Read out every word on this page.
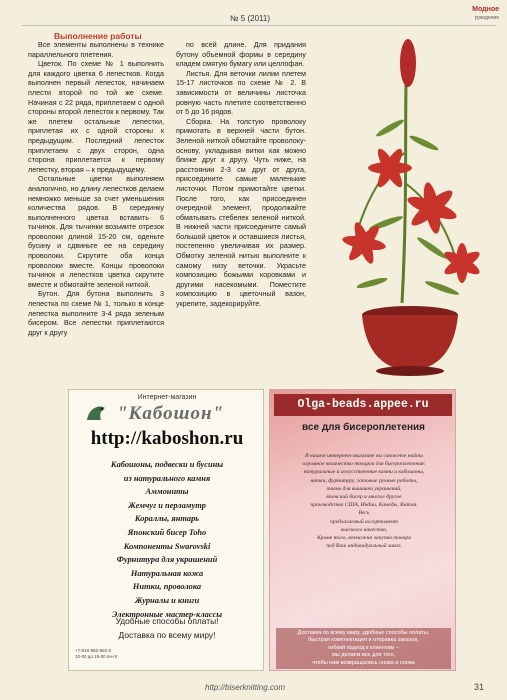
№ 5 (2011)
Модное
рукоделие
Выполнение работы

Все элементы выполнены в технике параллельного плетения.

Цветок. По схеме № 1 выполнить для каждого цветка 6 лепестков. Когда выполнен первый лепесток, начинаем плести второй по той же схеме. Начиная с 22 ряда, приплетаем с одной стороны второй лепесток к первому. Так же плетем остальные лепестки, приплетая их с одной стороны к предыдущим. Последний лепесток приплетаем с двух сторон, одна сторона приплетается к первому лепестку, вторая – к предыдущему.

Остальные цветки выполняем аналогично, но длину лепестков делаем немножко меньше за счет уменьшения количества рядов. В серединку выполненного цветка вставить 6 тычинок. Для тычинки возьмите отрезок проволоки длиной 15-20 см, оденьте бусину и сдвиньте ее на середину проволоки. Скрутите оба конца проволоки вместе. Концы проволоки тычинок и лепестков цветка скрутите вместе и обмотайте зеленой ниткой.

Бутон. Для бутона выполнить 3 лепестка по схеме № 1, только в конце лепестка выполните 3-4 ряда зеленым бисером. Все лепестки приплетаются друг к другу

по всей длине. Для придания бутону объемной формы в середину кладем смятую бумагу или целлофан.

Листья. Для веточки лилии плетем 15-17 листочков по схеме № 2. В зависимости от величины листочка ровную часть плетите соответственно от 5 до 16 рядов.

Сборка. На толстую проволоку примотать в верхней части бутон. Зеленой ниткой обмотайте проволоку-основу, укладывая витки как можно ближе друг к другу. Чуть ниже, на расстоянии 2-3 см друг от друга, присоедините самые маленькие листочки. Потом примотайте цветки. После того, как присоединен очередной элемент, продолжайте обматывать стебелек зеленой ниткой. В нижней части присоедините самый большой цветок и оставшиеся листья, постепенно увеличивая их размер. Обмотку зеленой нитью выполните к самому низу веточки. Украсьте композицию божьими коровками и другими насекомыми. Поместите композицию в цветочный вазон, укрепите, задекорируйте.

Интернет-магазин
"Кабошон"
http://kaboshon.ru
Кабошоны, подвески и бусины
из натурального камня
Аммониты
Жемчуг и перламутр
Кораллы, янтарь
Японский бисер Toho
Компоненты Swarovski
Фурнитура для украшений
Натуральная кожа
Нитки, проволока
Журналы и книги
Электронные мастер-классы
Удобные способы оплаты!
Доставка по всему миру!
+7-916-982-984-0
10-00 до 18-00 пн-пт
Olga-beads.appee.ru
все для бисероплетения
В нашем интернет-магазине вы сможете найти
огромное количество товаров для бисероплетения:
натуральные и искусственные камни и кабошоны,
нитки, фурнитуру, готовые ручные работы,
ткань для вышивки украшений,
японский бисер и многое другое
производства США, Индии, Канады, Китая.
Весь
предлагаемый ассортимент
высокого качества,
Кроме того, возможна закупка товара
под Ваш индивидуальный заказ.
Доставка по всему миру, удобные способы оплаты,
быстрая комплектация и отправка заказов,
гибкий подход к клиентам –
мы делаем все для того,
чтобы нам возвращались снова и снова
http://biserknitting.com	31
